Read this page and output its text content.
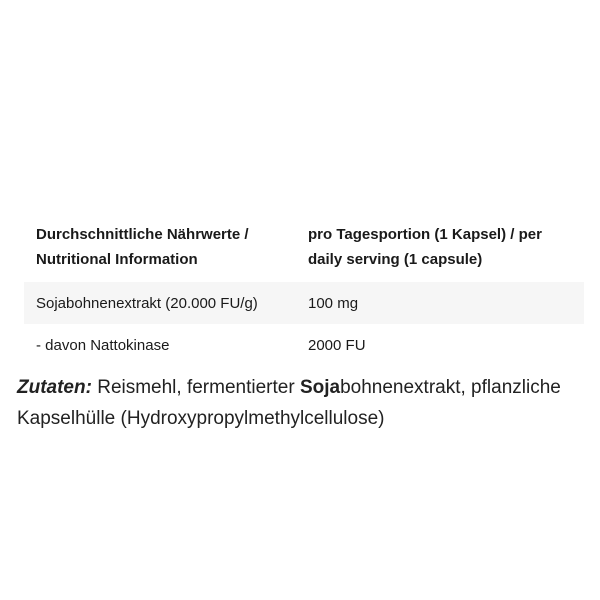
Durchschnittliche Nährwerte /
Nutritional Information
pro Tagesportion (1 Kapsel) / per
daily serving (1 capsule)
Sojabohnenextrakt (20.000 FU/g)	100 mg
- davon Nattokinase	2000 FU
Zutaten: Reismehl, fermentierter Sojabohnenextrakt, pflanzliche Kapselhülle (Hydroxypropylmethylcellulose)
